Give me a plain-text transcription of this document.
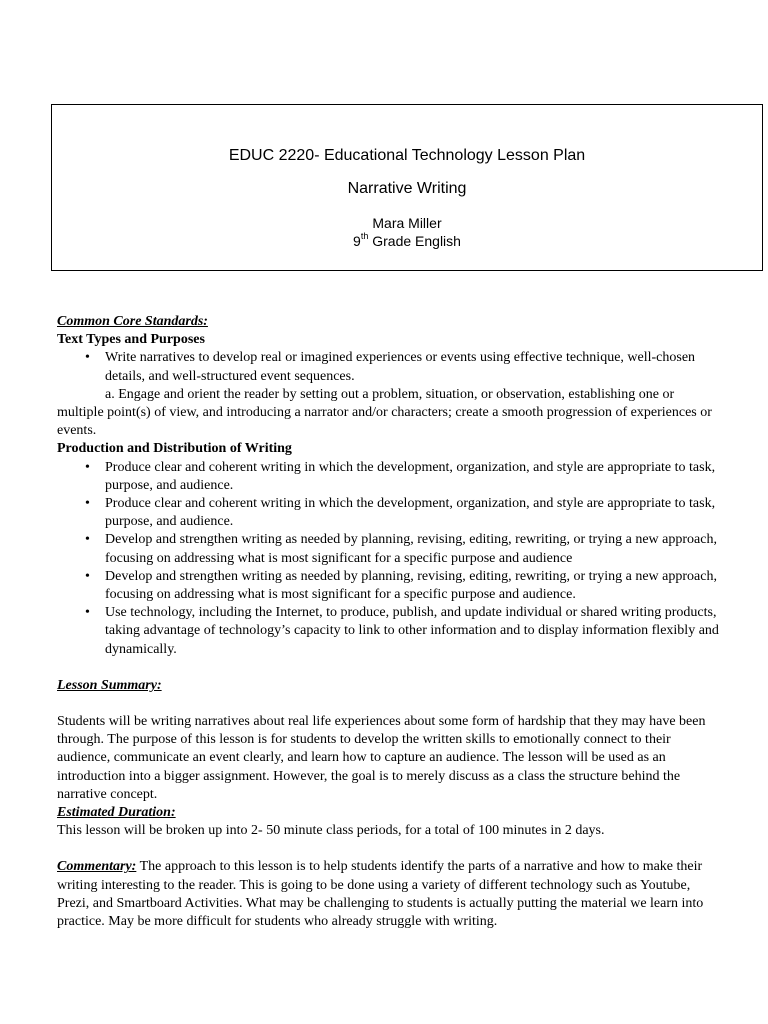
EDUC 2220- Educational Technology Lesson Plan
Narrative Writing
Mara Miller
9th Grade English
Common Core Standards:
Text Types and Purposes
• Write narratives to develop real or imagined experiences or events using effective technique, well-chosen details, and well-structured event sequences.
a. Engage and orient the reader by setting out a problem, situation, or observation, establishing one or multiple point(s) of view, and introducing a narrator and/or characters; create a smooth progression of experiences or events.
Production and Distribution of Writing
• Produce clear and coherent writing in which the development, organization, and style are appropriate to task, purpose, and audience.
• Produce clear and coherent writing in which the development, organization, and style are appropriate to task, purpose, and audience.
• Develop and strengthen writing as needed by planning, revising, editing, rewriting, or trying a new approach, focusing on addressing what is most significant for a specific purpose and audience
• Develop and strengthen writing as needed by planning, revising, editing, rewriting, or trying a new approach, focusing on addressing what is most significant for a specific purpose and audience.
• Use technology, including the Internet, to produce, publish, and update individual or shared writing products, taking advantage of technology’s capacity to link to other information and to display information flexibly and dynamically.
Lesson Summary:
Students will be writing narratives about real life experiences about some form of hardship that they may have been through. The purpose of this lesson is for students to develop the written skills to emotionally connect to their audience, communicate an event clearly, and learn how to capture an audience. The lesson will be used as an introduction into a bigger assignment. However, the goal is to merely discuss as a class the structure behind the narrative concept.
Estimated Duration:
This lesson will be broken up into 2- 50 minute class periods, for a total of 100 minutes in 2 days.
Commentary: The approach to this lesson is to help students identify the parts of a narrative and how to make their writing interesting to the reader. This is going to be done using a variety of different technology such as Youtube, Prezi, and Smartboard Activities. What may be challenging to students is actually putting the material we learn into practice. May be more difficult for students who already struggle with writing.
